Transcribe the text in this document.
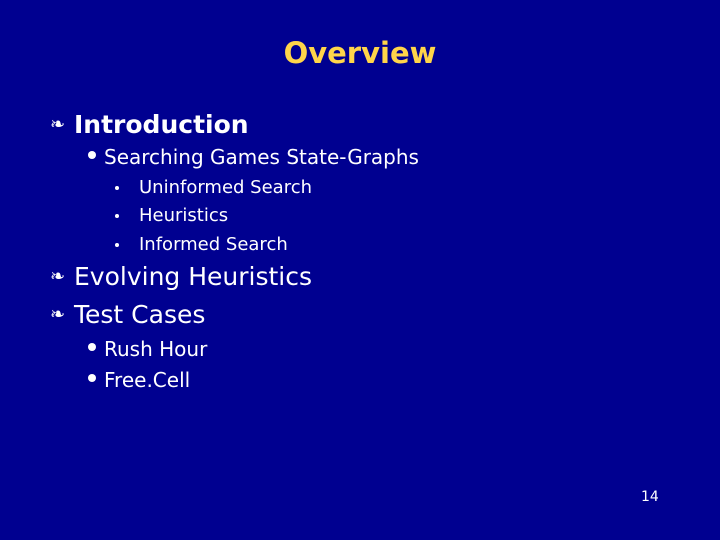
Overview
❧ Introduction
Searching Games State-Graphs
Uninformed Search
Heuristics
Informed Search
❧ Evolving Heuristics
❧ Test Cases
Rush Hour
Free.Cell
14
